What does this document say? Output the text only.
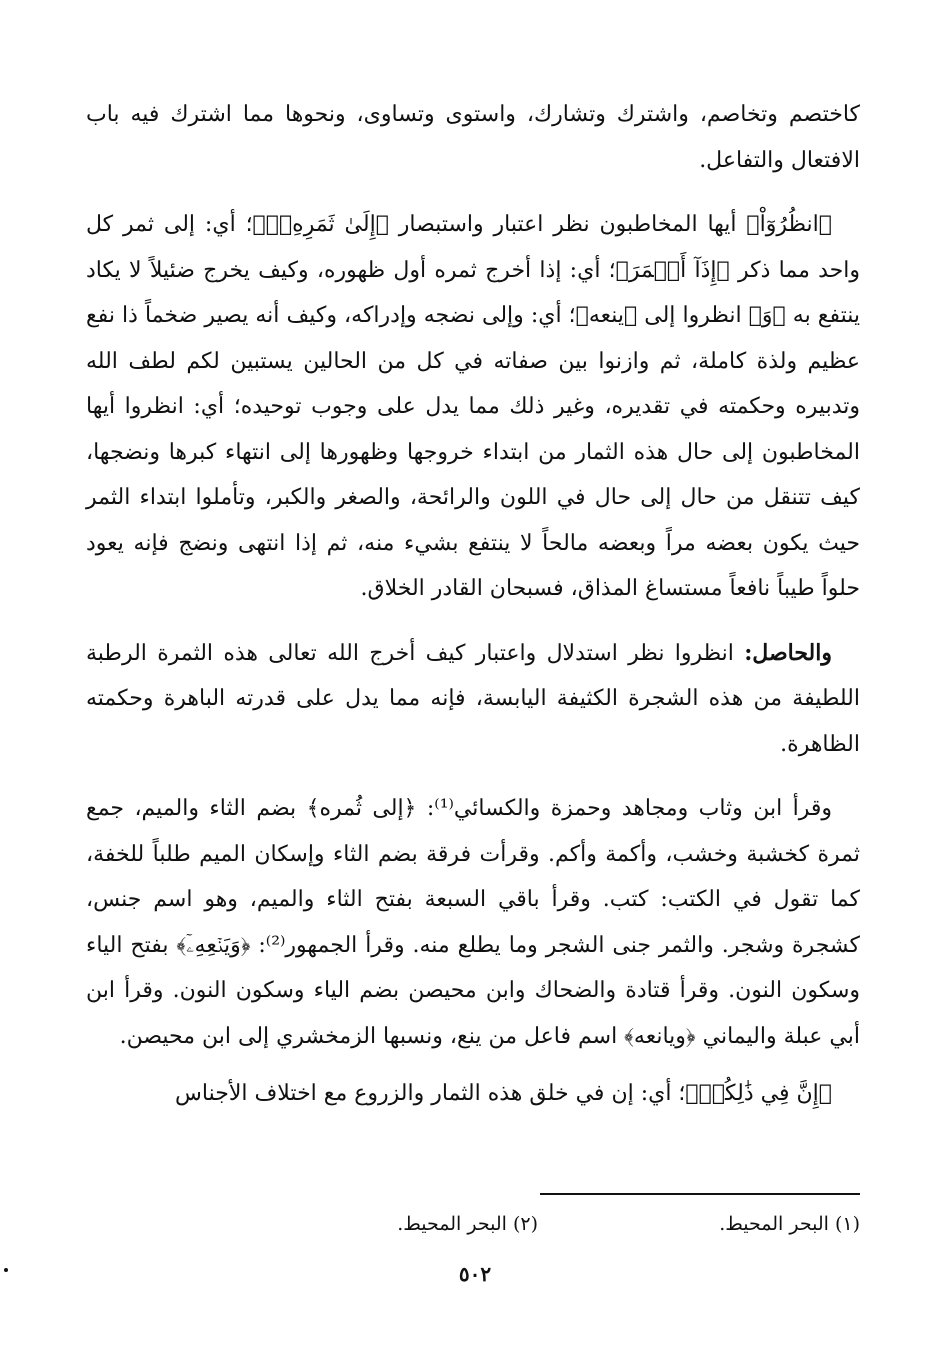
كاختصم وتخاصم، واشترك وتشارك، واستوى وتساوى، ونحوها مما اشترك فيه باب الافتعال والتفاعل.

﴿انظُرُوٓاْ﴾ أيها المخاطبون نظر اعتبار واستبصار ﴿إِلَىٰ ثَمَرِهِۦٓ﴾؛ أي: إلى ثمر كل واحد مما ذكر ﴿إِذَآ أَثۡمَرَ﴾؛ أي: إذا أخرج ثمره أول ظهوره، وكيف يخرج ضئيلاً لا يكاد ينتفع به ﴿وَ﴾ انظروا إلى ﴿ينعه﴾؛ أي: وإلى نضجه وإدراكه، وكيف أنه يصير ضخماً ذا نفع عظيم ولذة كاملة، ثم وازنوا بين صفاته في كل من الحالين يستبين لكم لطف الله وتدبيره وحكمته في تقديره، وغير ذلك مما يدل على وجوب توحيده؛ أي: انظروا أيها المخاطبون إلى حال هذه الثمار من ابتداء خروجها وظهورها إلى انتهاء كبرها ونضجها، كيف تتنقل من حال إلى حال في اللون والرائحة، والصغر والكبر، وتأملوا ابتداء الثمر حيث يكون بعضه مراً وبعضه مالحاً لا ينتفع بشيء منه، ثم إذا انتهى ونضج فإنه يعود حلواً طيباً نافعاً مستساغ المذاق، فسبحان القادر الخلاق.

والحاصل: انظروا نظر استدلال واعتبار كيف أخرج الله تعالى هذه الثمرة الرطبة اللطيفة من هذه الشجرة الكثيفة اليابسة، فإنه مما يدل على قدرته الباهرة وحكمته الظاهرة.

وقرأ ابن وثاب ومجاهد وحمزة والكسائي⁽¹⁾: ﴿إلى ثُمره﴾ بضم الثاء والميم، جمع ثمرة كخشبة وخشب، وأكمة وأكم. وقرأت فرقة بضم الثاء وإسكان الميم طلباً للخفة، كما تقول في الكتب: كتب. وقرأ باقي السبعة بفتح الثاء والميم، وهو اسم جنس، كشجرة وشجر. والثمر جنى الشجر وما يطلع منه. وقرأ الجمهور⁽²⁾: ﴿وَيَنۡعِهِۦٓ﴾ بفتح الياء وسكون النون. وقرأ قتادة والضحاك وابن محيصن بضم الياء وسكون النون. وقرأ ابن أبي عبلة واليماني ﴿ويانعه﴾ اسم فاعل من ينع، ونسبها الزمخشري إلى ابن محيصن.

﴿إِنَّ فِي ذَٰلِكُمۡ﴾؛ أي: إن في خلق هذه الثمار والزروع مع اختلاف الأجناس

(١) البحر المحيط.
(٢) البحر المحيط.
٥٠٢
